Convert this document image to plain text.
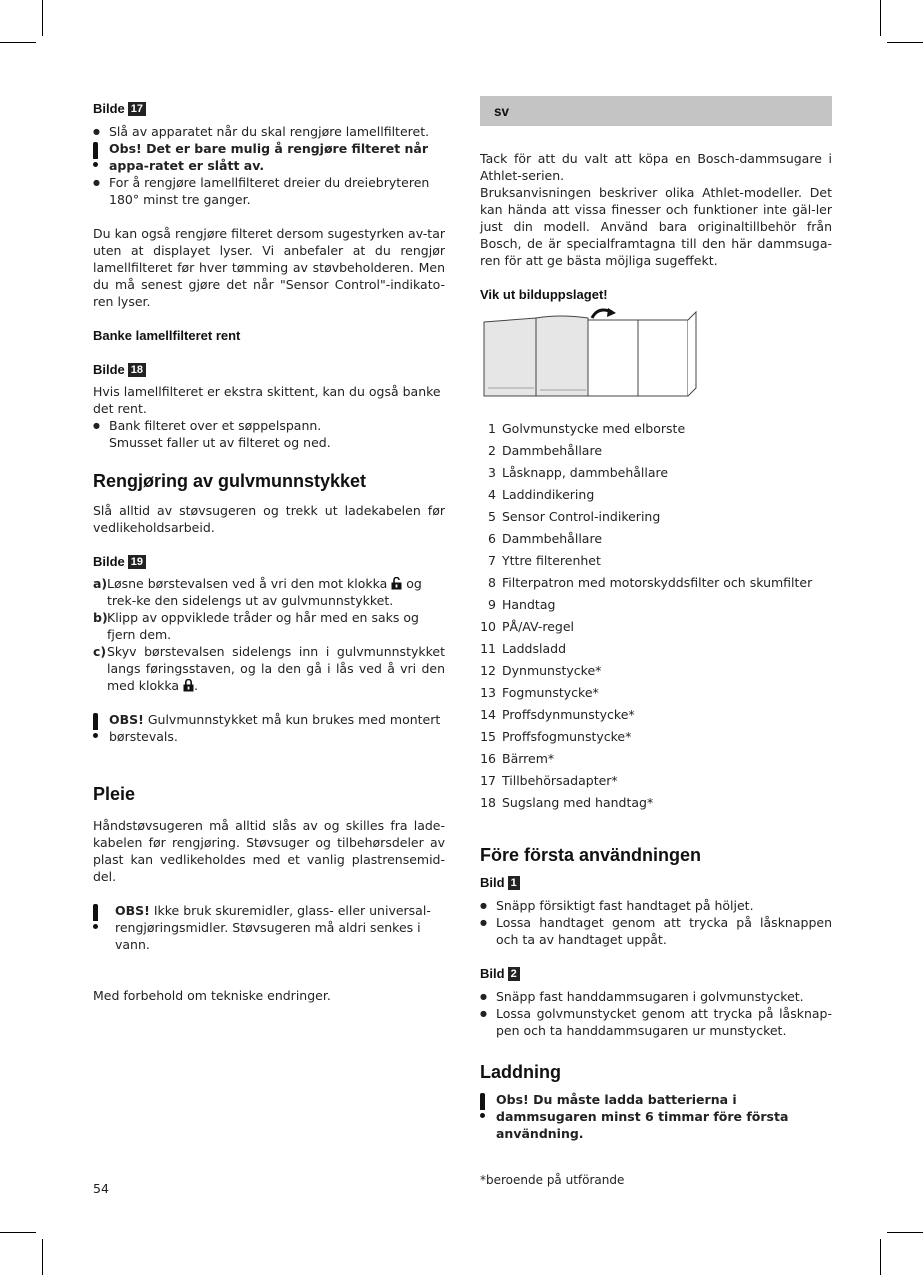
Bilde 17

● Slå av apparatet når du skal rengjøre lamellfilteret.

Obs! Det er bare mulig å rengjøre filteret når appa-ratet er slått av.

● For å rengjøre lamellfilteret dreier du dreiebryteren 180° minst tre ganger.

Du kan også rengjøre filteret dersom sugestyrken av-tar uten at displayet lyser. Vi anbefaler at du rengjør lamellfilteret før hver tømming av støvbeholderen. Men du må senest gjøre det når "Sensor Control"-indikato-ren lyser.

Banke lamellfilteret rent

Bilde 18

Hvis lamellfilteret er ekstra skittent, kan du også banke det rent.

● Bank filteret over et søppelspann.

Smusset faller ut av filteret og ned.

Rengjøring av gulvmunnstykket

Slå alltid av støvsugeren og trekk ut ladekabelen før vedlikeholdsarbeid.

Bilde 19
a) Løsne børstevalsen ved å vri den mot klokka og trek-ke den sidelengs ut av gulvmunnstykket.
b) Klipp av oppviklede tråder og hår med en saks og fjern dem.
c) Skyv børstevalsen sidelengs inn i gulvmunnstykket langs føringsstaven, og la den gå i lås ved å vri den med klokka .
OBS! Gulvmunnstykket må kun brukes med montert børstevals.

Pleie

Håndstøvsugeren må alltid slås av og skilles fra lade-kabelen før rengjøring. Støvsuger og tilbehørsdeler av plast kan vedlikeholdes med et vanlig plastrensemid-del.

OBS! Ikke bruk skuremidler, glass- eller universal-rengjøringsmidler. Støvsugeren må aldri senkes i vann.

Med forbehold om tekniske endringer.

sv

Tack för att du valt att köpa en Bosch-dammsugare i Athlet-serien.

Bruksanvisningen beskriver olika Athlet-modeller. Det kan hända att vissa finesser och funktioner inte gäl-ler just din modell. Använd bara originaltillbehör från Bosch, de är specialframtagna till den här dammsuga-ren för att ge bästa möjliga sugeffekt.

Vik ut bilduppslaget!

1 Golvmunstycke med elborste
2 Dammbehållare
3 Låsknapp, dammbehållare
4 Laddindikering
5 Sensor Control-indikering
6 Dammbehållare
7 Yttre filterenhet
8 Filterpatron med motorskyddsfilter och skumfilter
9 Handtag
10 PÅ/AV-regel
11 Laddsladd
12 Dynmunstycke*
13 Fogmunstycke*
14 Proffsdynmunstycke*
15 Proffsfogmunstycke*
16 Bärrem*
17 Tillbehörsadapter*
18 Sugslang med handtag*

Före första användningen

Bild 1

● Snäpp försiktigt fast handtaget på höljet.

● Lossa handtaget genom att trycka på låsknappen och ta av handtaget uppåt.

Bild 2

● Snäpp fast handdammsugaren i golvmunstycket.

● Lossa golvmunstycket genom att trycka på låsknap-pen och ta handdammsugaren ur munstycket.

Laddning

Obs! Du måste ladda batterierna i dammsugaren minst 6 timmar före första användning.
54
*beroende på utförande
